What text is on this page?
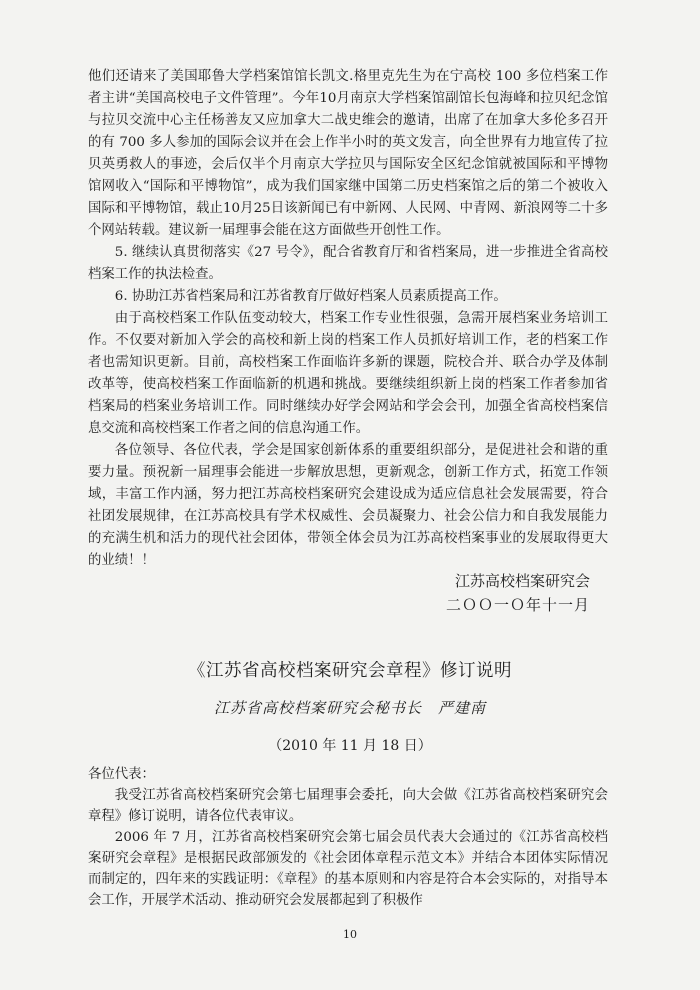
他们还请来了美国耶鲁大学档案馆馆长凯文.格里克先生为在宁高校 100 多位档案工作者主讲“美国高校电子文件管理”。今年10月南京大学档案馆副馆长包海峰和拉贝纪念馆与拉贝交流中心主任杨善友又应加拿大二战史维会的邀请，出席了在加拿大多伦多召开的有 700 多人参加的国际会议并在会上作半小时的英文发言，向全世界有力地宣传了拉贝英勇救人的事迹，会后仅半个月南京大学拉贝与国际安全区纪念馆就被国际和平博物馆网收入“国际和平博物馆”，成为我们国家继中国第二历史档案馆之后的第二个被收入国际和平博物馆，载止10月25日该新闻已有中新网、人民网、中青网、新浪网等二十多个网站转载。建议新一届理事会能在这方面做些开创性工作。

5. 继续认真贯彻落实《27 号令》，配合省教育厅和省档案局，进一步推进全省高校档案工作的执法检查。

6. 协助江苏省档案局和江苏省教育厅做好档案人员素质提高工作。

由于高校档案工作队伍变动较大，档案工作专业性很强，急需开展档案业务培训工作。不仅要对新加入学会的高校和新上岗的档案工作人员抓好培训工作，老的档案工作者也需知识更新。目前，高校档案工作面临许多新的课题，院校合并、联合办学及体制改革等，使高校档案工作面临新的机遇和挑战。要继续组织新上岗的档案工作者参加省档案局的档案业务培训工作。同时继续办好学会网站和学会会刊，加强全省高校档案信息交流和高校档案工作者之间的信息沟通工作。

各位领导、各位代表，学会是国家创新体系的重要组织部分，是促进社会和谐的重要力量。预祝新一届理事会能进一步解放思想，更新观念，创新工作方式，拓宽工作领域，丰富工作内涵，努力把江苏高校档案研究会建设成为适应信息社会发展需要，符合社团发展规律，在江苏高校具有学术权威性、会员凝聚力、社会公信力和自我发展能力的充满生机和活力的现代社会团体，带领全体会员为江苏高校档案事业的发展取得更大的业绩！！

江苏高校档案研究会
二ＯＯ一Ｏ年十一月
《江苏省高校档案研究会章程》修订说明
江苏省高校档案研究会秘书长　严建南
（2010 年 11 月 18 日）

各位代表：

我受江苏省高校档案研究会第七届理事会委托，向大会做《江苏省高校档案研究会章程》修订说明，请各位代表审议。

2006 年 7 月，江苏省高校档案研究会第七届会员代表大会通过的《江苏省高校档案研究会章程》是根据民政部颁发的《社会团体章程示范文本》并结合本团体实际情况而制定的，四年来的实践证明：《章程》的基本原则和内容是符合本会实际的，对指导本会工作，开展学术活动、推动研究会发展都起到了积极作

10
